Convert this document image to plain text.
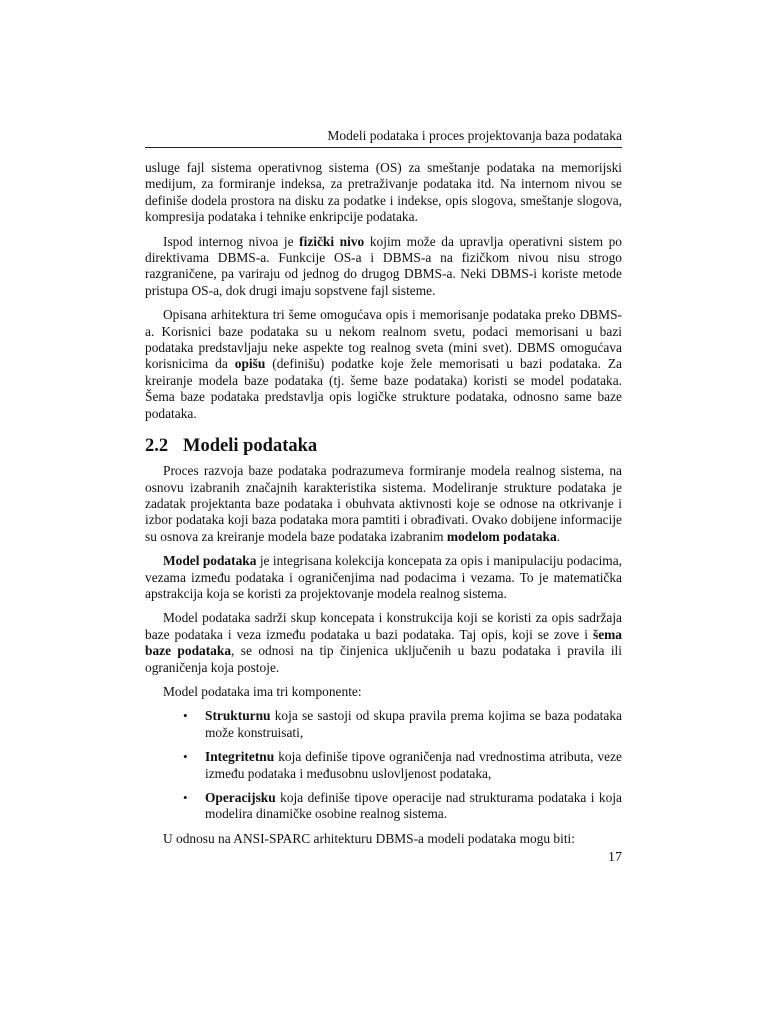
Modeli podataka i proces projektovanja baza podataka

usluge fajl sistema operativnog sistema (OS) za smeštanje podataka na memorijski medijum, za formiranje indeksa, za pretraživanje podataka itd. Na internom nivou se definiše dodela prostora na disku za podatke i indekse, opis slogova, smeštanje slogova, kompresija podataka i tehnike enkripcije podataka.

Ispod internog nivoa je fizički nivo kojim može da upravlja operativni sistem po direktivama DBMS-a. Funkcije OS-a i DBMS-a na fizičkom nivou nisu strogo razgraničene, pa variraju od jednog do drugog DBMS-a. Neki DBMS-i koriste metode pristupa OS-a, dok drugi imaju sopstvene fajl sisteme.

Opisana arhitektura tri šeme omogućava opis i memorisanje podataka preko DBMS-a. Korisnici baze podataka su u nekom realnom svetu, podaci memorisani u bazi podataka predstavljaju neke aspekte tog realnog sveta (mini svet). DBMS omogućava korisnicima da opišu (definišu) podatke koje žele memorisati u bazi podataka. Za kreiranje modela baze podataka (tj. šeme baze podataka) koristi se model podataka. Šema baze podataka predstavlja opis logičke strukture podataka, odnosno same baze podataka.

2.2 Modeli podataka

Proces razvoja baze podataka podrazumeva formiranje modela realnog sistema, na osnovu izabranih značajnih karakteristika sistema. Modeliranje strukture podataka je zadatak projektanta baze podataka i obuhvata aktivnosti koje se odnose na otkrivanje i izbor podataka koji baza podataka mora pamtiti i obrađivati. Ovako dobijene informacije su osnova za kreiranje modela baze podataka izabranim modelom podataka.

Model podataka je integrisana kolekcija koncepata za opis i manipulaciju podacima, vezama između podataka i ograničenjima nad podacima i vezama. To je matematička apstrakcija koja se koristi za projektovanje modela realnog sistema.

Model podataka sadrži skup koncepata i konstrukcija koji se koristi za opis sadržaja baze podataka i veza između podataka u bazi podataka. Taj opis, koji se zove i šema baze podataka, se odnosi na tip činjenica uključenih u bazu podataka i pravila ili ograničenja koja postoje.

Model podataka ima tri komponente:

• Strukturnu koja se sastoji od skupa pravila prema kojima se baza podataka može konstruisati,
• Integritetnu koja definiše tipove ograničenja nad vrednostima atributa, veze između podataka i međusobnu uslovljenost podataka,
• Operacijsku koja definiše tipove operacije nad strukturama podataka i koja modelira dinamičke osobine realnog sistema.

U odnosu na ANSI-SPARC arhitekturu DBMS-a modeli podataka mogu biti:

17
